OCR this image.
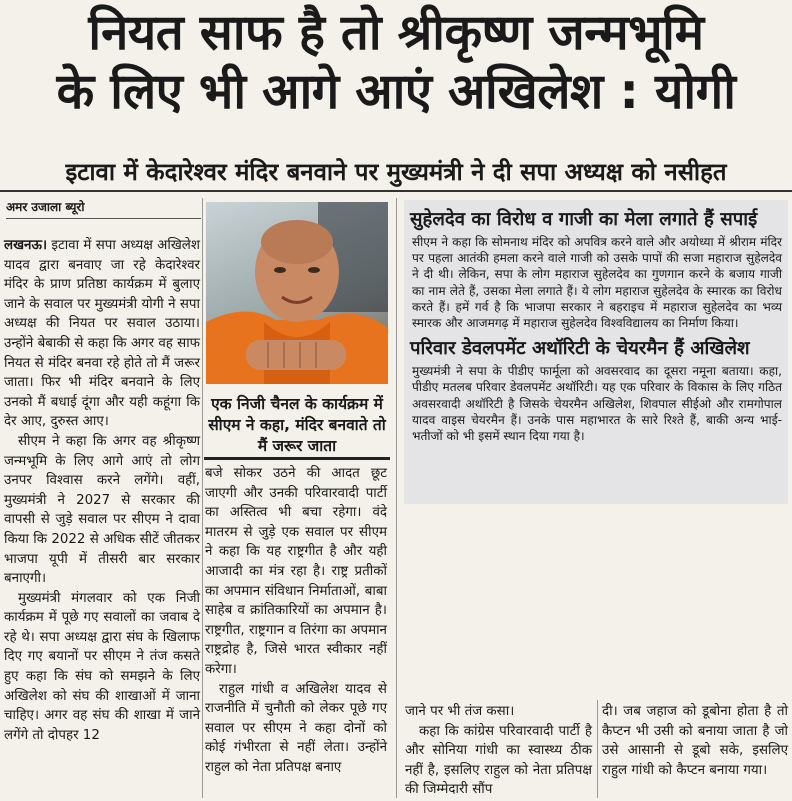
नियत साफ है तो श्रीकृष्ण जन्मभूमि
के लिए भी आगे आएं अखिलेश : योगी
इटावा में केदारेश्वर मंदिर बनवाने पर मुख्यमंत्री ने दी सपा अध्यक्ष को नसीहत
अमर उजाला ब्यूरो

लखनऊ। इटावा में सपा अध्यक्ष अखिलेश यादव द्वारा बनवाए जा रहे केदारेश्वर मंदिर के प्राण प्रतिष्ठा कार्यक्रम में बुलाए जाने के सवाल पर मुख्यमंत्री योगी ने सपा अध्यक्ष की नियत पर सवाल उठाया। उन्होंने बेबाकी से कहा कि अगर वह साफ नियत से मंदिर बनवा रहे होते तो मैं जरूर जाता। फिर भी मंदिर बनवाने के लिए उनको मैं बधाई दूंगा और यही कहूंगा कि देर आए, दुरुस्त आए।

सीएम ने कहा कि अगर वह श्रीकृष्ण जन्मभूमि के लिए आगे आएं तो लोग उनपर विश्वास करने लगेंगे। वहीं, मुख्यमंत्री ने 2027 से सरकार की वापसी से जुड़े सवाल पर सीएम ने दावा किया कि 2022 से अधिक सीटें जीतकर भाजपा यूपी में तीसरी बार सरकार बनाएगी।

मुख्यमंत्री मंगलवार को एक निजी कार्यक्रम में पूछे गए सवालों का जवाब दे रहे थे। सपा अध्यक्ष द्वारा संघ के खिलाफ दिए गए बयानों पर सीएम ने तंज कसते हुए कहा कि संघ को समझने के लिए अखिलेश को संघ की शाखाओं में जाना चाहिए। अगर वह संघ की शाखा में जाने लगेंगे तो दोपहर 12

एक निजी चैनल के कार्यक्रम में सीएम ने कहा, मंदिर बनवाते तो मैं जरूर जाता

बजे सोकर उठने की आदत छूट जाएगी और उनकी परिवारवादी पार्टी का अस्तित्व भी बचा रहेगा। वंदे मातरम से जुड़े एक सवाल पर सीएम ने कहा कि यह राष्ट्रगीत है और यही आजादी का मंत्र रहा है। राष्ट्र प्रतीकों का अपमान संविधान निर्माताओं, बाबा साहेब व क्रांतिकारियों का अपमान है। राष्ट्रगीत, राष्ट्रगान व तिरंगा का अपमान राष्ट्रद्रोह है, जिसे भारत स्वीकार नहीं करेगा।

राहुल गांधी व अखिलेश यादव से राजनीति में चुनौती को लेकर पूछे गए सवाल पर सीएम ने कहा दोनों को कोई गंभीरता से नहीं लेता। उन्होंने राहुल को नेता प्रतिपक्ष बनाए

सुहेलदेव का विरोध व गाजी का मेला लगाते हैं सपाई
सीएम ने कहा कि सोमनाथ मंदिर को अपवित्र करने वाले और अयोध्या में श्रीराम मंदिर पर पहला आतंकी हमला करने वाले गाजी को उसके पापों की सजा महाराज सुहेलदेव ने दी थी। लेकिन, सपा के लोग महाराज सुहेलदेव का गुणगान करने के बजाय गाजी का नाम लेते हैं, उसका मेला लगाते हैं। ये लोग महाराज सुहेलदेव के स्मारक का विरोध करते हैं। हमें गर्व है कि भाजपा सरकार ने बहराइच में महाराज सुहेलदेव का भव्य स्मारक और आजमगढ़ में महाराज सुहेलदेव विश्वविद्यालय का निर्माण किया।
परिवार डेवलपमेंट अथॉरिटी के चेयरमैन हैं अखिलेश
मुख्यमंत्री ने सपा के पीडीए फार्मूला को अवसरवाद का दूसरा नमूना बताया। कहा, पीडीए मतलब परिवार डेवलपमेंट अथॉरिटी। यह एक परिवार के विकास के लिए गठित अवसरवादी अथॉरिटी है जिसके चेयरमैन अखिलेश, शिवपाल सीईओ और रामगोपाल यादव वाइस चेयरमैन हैं। उनके पास महाभारत के सारे रिश्ते हैं, बाकी अन्य भाई-भतीजों को भी इसमें स्थान दिया गया है।

जाने पर भी तंज कसा।

कहा कि कांग्रेस परिवारवादी पार्टी है और सोनिया गांधी का स्वास्थ्य ठीक नहीं है, इसलिए राहुल को नेता प्रतिपक्ष की जिम्मेदारी सौंप

दी। जब जहाज को डूबोना होता है तो कैप्टन भी उसी को बनाया जाता है जो उसे आसानी से डूबो सके, इसलिए राहुल गांधी को कैप्टन बनाया गया।
